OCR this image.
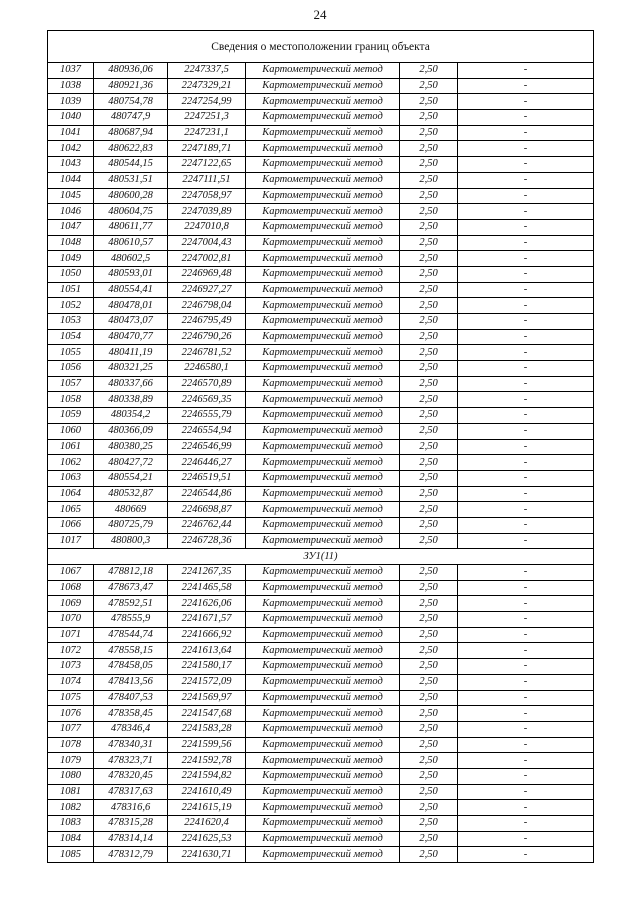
24
Сведения о местоположении границ объекта					
1037	480936,06	2247337,5	Картометрический метод	2,50	-
1038	480921,36	2247329,21	Картометрический метод	2,50	-
1039	480754,78	2247254,99	Картометрический метод	2,50	-
1040	480747,9	2247251,3	Картометрический метод	2,50	-
1041	480687,94	2247231,1	Картометрический метод	2,50	-
1042	480622,83	2247189,71	Картометрический метод	2,50	-
1043	480544,15	2247122,65	Картометрический метод	2,50	-
1044	480531,51	2247111,51	Картометрический метод	2,50	-
1045	480600,28	2247058,97	Картометрический метод	2,50	-
1046	480604,75	2247039,89	Картометрический метод	2,50	-
1047	480611,77	2247010,8	Картометрический метод	2,50	-
1048	480610,57	2247004,43	Картометрический метод	2,50	-
1049	480602,5	2247002,81	Картометрический метод	2,50	-
1050	480593,01	2246969,48	Картометрический метод	2,50	-
1051	480554,41	2246927,27	Картометрический метод	2,50	-
1052	480478,01	2246798,04	Картометрический метод	2,50	-
1053	480473,07	2246795,49	Картометрический метод	2,50	-
1054	480470,77	2246790,26	Картометрический метод	2,50	-
1055	480411,19	2246781,52	Картометрический метод	2,50	-
1056	480321,25	2246580,1	Картометрический метод	2,50	-
1057	480337,66	2246570,89	Картометрический метод	2,50	-
1058	480338,89	2246569,35	Картометрический метод	2,50	-
1059	480354,2	2246555,79	Картометрический метод	2,50	-
1060	480366,09	2246554,94	Картометрический метод	2,50	-
1061	480380,25	2246546,99	Картометрический метод	2,50	-
1062	480427,72	2246446,27	Картометрический метод	2,50	-
1063	480554,21	2246519,51	Картометрический метод	2,50	-
1064	480532,87	2246544,86	Картометрический метод	2,50	-
1065	480669	2246698,87	Картометрический метод	2,50	-
1066	480725,79	2246762,44	Картометрический метод	2,50	-
1017	480800,3	2246728,36	Картометрический метод	2,50	-
ЗУ1(11)					
1067	478812,18	2241267,35	Картометрический метод	2,50	-
1068	478673,47	2241465,58	Картометрический метод	2,50	-
1069	478592,51	2241626,06	Картометрический метод	2,50	-
1070	478555,9	2241671,57	Картометрический метод	2,50	-
1071	478544,74	2241666,92	Картометрический метод	2,50	-
1072	478558,15	2241613,64	Картометрический метод	2,50	-
1073	478458,05	2241580,17	Картометрический метод	2,50	-
1074	478413,56	2241572,09	Картометрический метод	2,50	-
1075	478407,53	2241569,97	Картометрический метод	2,50	-
1076	478358,45	2241547,68	Картометрический метод	2,50	-
1077	478346,4	2241583,28	Картометрический метод	2,50	-
1078	478340,31	2241599,56	Картометрический метод	2,50	-
1079	478323,71	2241592,78	Картометрический метод	2,50	-
1080	478320,45	2241594,82	Картометрический метод	2,50	-
1081	478317,63	2241610,49	Картометрический метод	2,50	-
1082	478316,6	2241615,19	Картометрический метод	2,50	-
1083	478315,28	2241620,4	Картометрический метод	2,50	-
1084	478314,14	2241625,53	Картометрический метод	2,50	-
1085	478312,79	2241630,71	Картометрический метод	2,50	-
